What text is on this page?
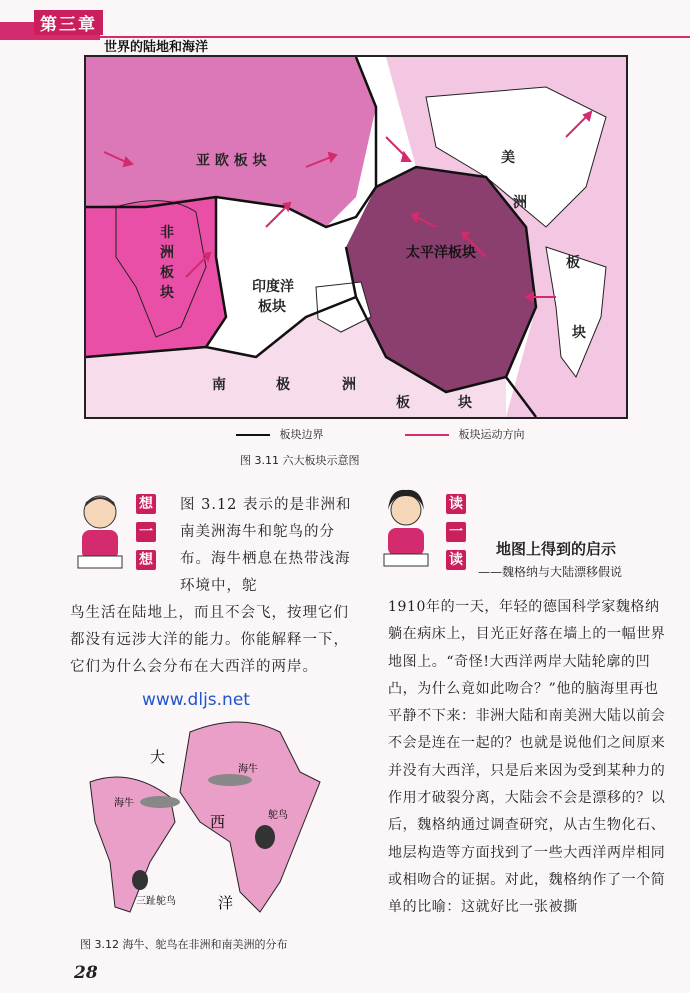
第三章
世界的陆地和海洋
亚 欧 板 块
非
洲
板
块	印度洋
板块
太平洋板块
美
洲
板
块
南	极	洲
板	块
板块边界	板块运动方向
图 3.11 六大板块示意图
想
一
想
图 3.12 表示的是非洲和南美洲海牛和鸵鸟的分布。海牛栖息在热带浅海环境中，鸵
鸟生活在陆地上，而且不会飞，按理它们都没有远涉大洋的能力。你能解释一下，它们为什么会分布在大西洋的两岸。
www.dljs.net
大
西
洋
海牛
海牛
鸵鸟
三趾鸵鸟
图 3.12 海牛、鸵鸟在非洲和南美洲的分布
读
一
读
地图上得到的启示
——魏格纳与大陆漂移假说
1910年的一天，年轻的德国科学家魏格纳躺在病床上，目光正好落在墙上的一幅世界地图上。“奇怪!大西洋两岸大陆轮廓的凹凸，为什么竟如此吻合？”他的脑海里再也平静不下来：非洲大陆和南美洲大陆以前会不会是连在一起的？也就是说他们之间原来并没有大西洋，只是后来因为受到某种力的作用才破裂分离，大陆会不会是漂移的？以后，魏格纳通过调查研究，从古生物化石、地层构造等方面找到了一些大西洋两岸相同或相吻合的证据。对此，魏格纳作了一个简单的比喻：这就好比一张被撕
28
